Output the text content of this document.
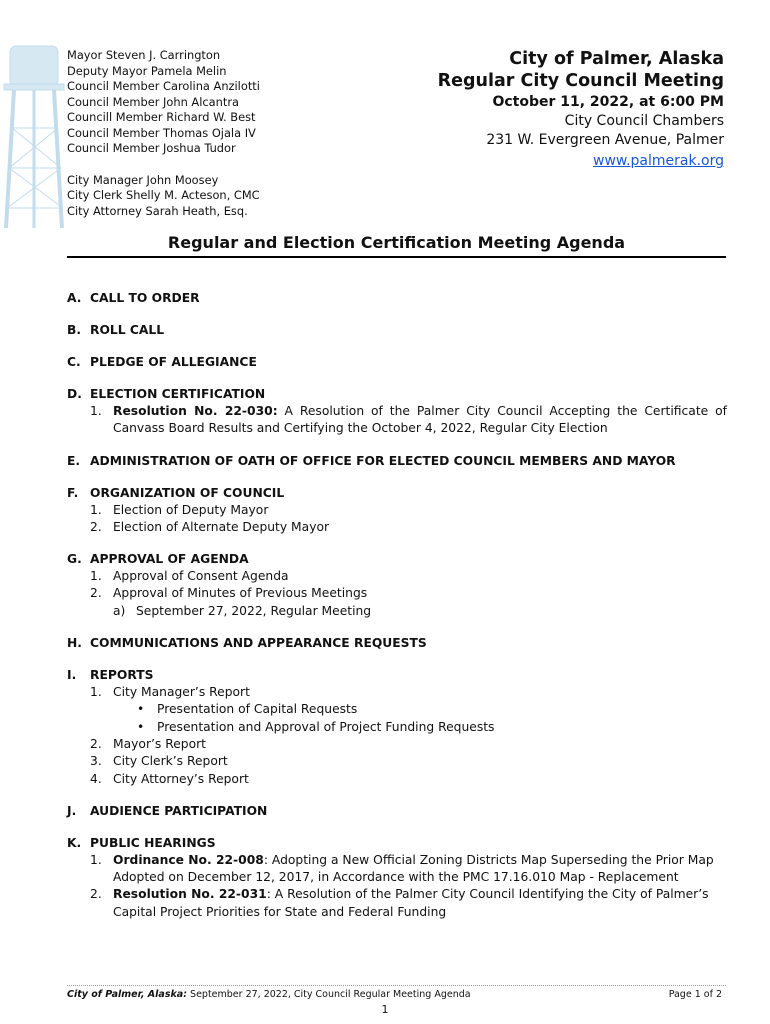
Mayor Steven J. Carrington
Deputy Mayor Pamela Melin
Council Member Carolina Anzilotti
Council Member John Alcantra
Councill Member Richard W. Best
Council Member Thomas Ojala IV
Council Member Joshua Tudor
City Manager John Moosey
City Clerk Shelly M. Acteson, CMC
City Attorney Sarah Heath, Esq.
City of Palmer, Alaska
Regular City Council Meeting
October 11, 2022, at 6:00 PM
City Council Chambers
231 W. Evergreen Avenue, Palmer
www.palmerak.org
Regular and Election Certification Meeting Agenda
A. CALL TO ORDER
B. ROLL CALL
C. PLEDGE OF ALLEGIANCE
D. ELECTION CERTIFICATION
1. Resolution No. 22-030: A Resolution of the Palmer City Council Accepting the Certificate of Canvass Board Results and Certifying the October 4, 2022, Regular City Election
E. ADMINISTRATION OF OATH OF OFFICE FOR ELECTED COUNCIL MEMBERS AND MAYOR
F. ORGANIZATION OF COUNCIL
1. Election of Deputy Mayor
2. Election of Alternate Deputy Mayor
G. APPROVAL OF AGENDA
1. Approval of Consent Agenda
2. Approval of Minutes of Previous Meetings
a) September 27, 2022, Regular Meeting
H. COMMUNICATIONS AND APPEARANCE REQUESTS
I.	REPORTS
1. City Manager’s Report
•	Presentation of Capital Requests
•	Presentation and Approval of Project Funding Requests
2. Mayor’s Report
3. City Clerk’s Report
4. City Attorney’s Report
J.	AUDIENCE PARTICIPATION
K. PUBLIC HEARINGS
1. Ordinance No. 22-008: Adopting a New Official Zoning Districts Map Superseding the Prior Map Adopted on December 12, 2017, in Accordance with the PMC 17.16.010 Map - Replacement
2. Resolution No. 22-031: A Resolution of the Palmer City Council Identifying the City of Palmer’s Capital Project Priorities for State and Federal Funding
City of Palmer, Alaska: September 27, 2022, City Council Regular Meeting Agenda	Page 1 of 2
1
